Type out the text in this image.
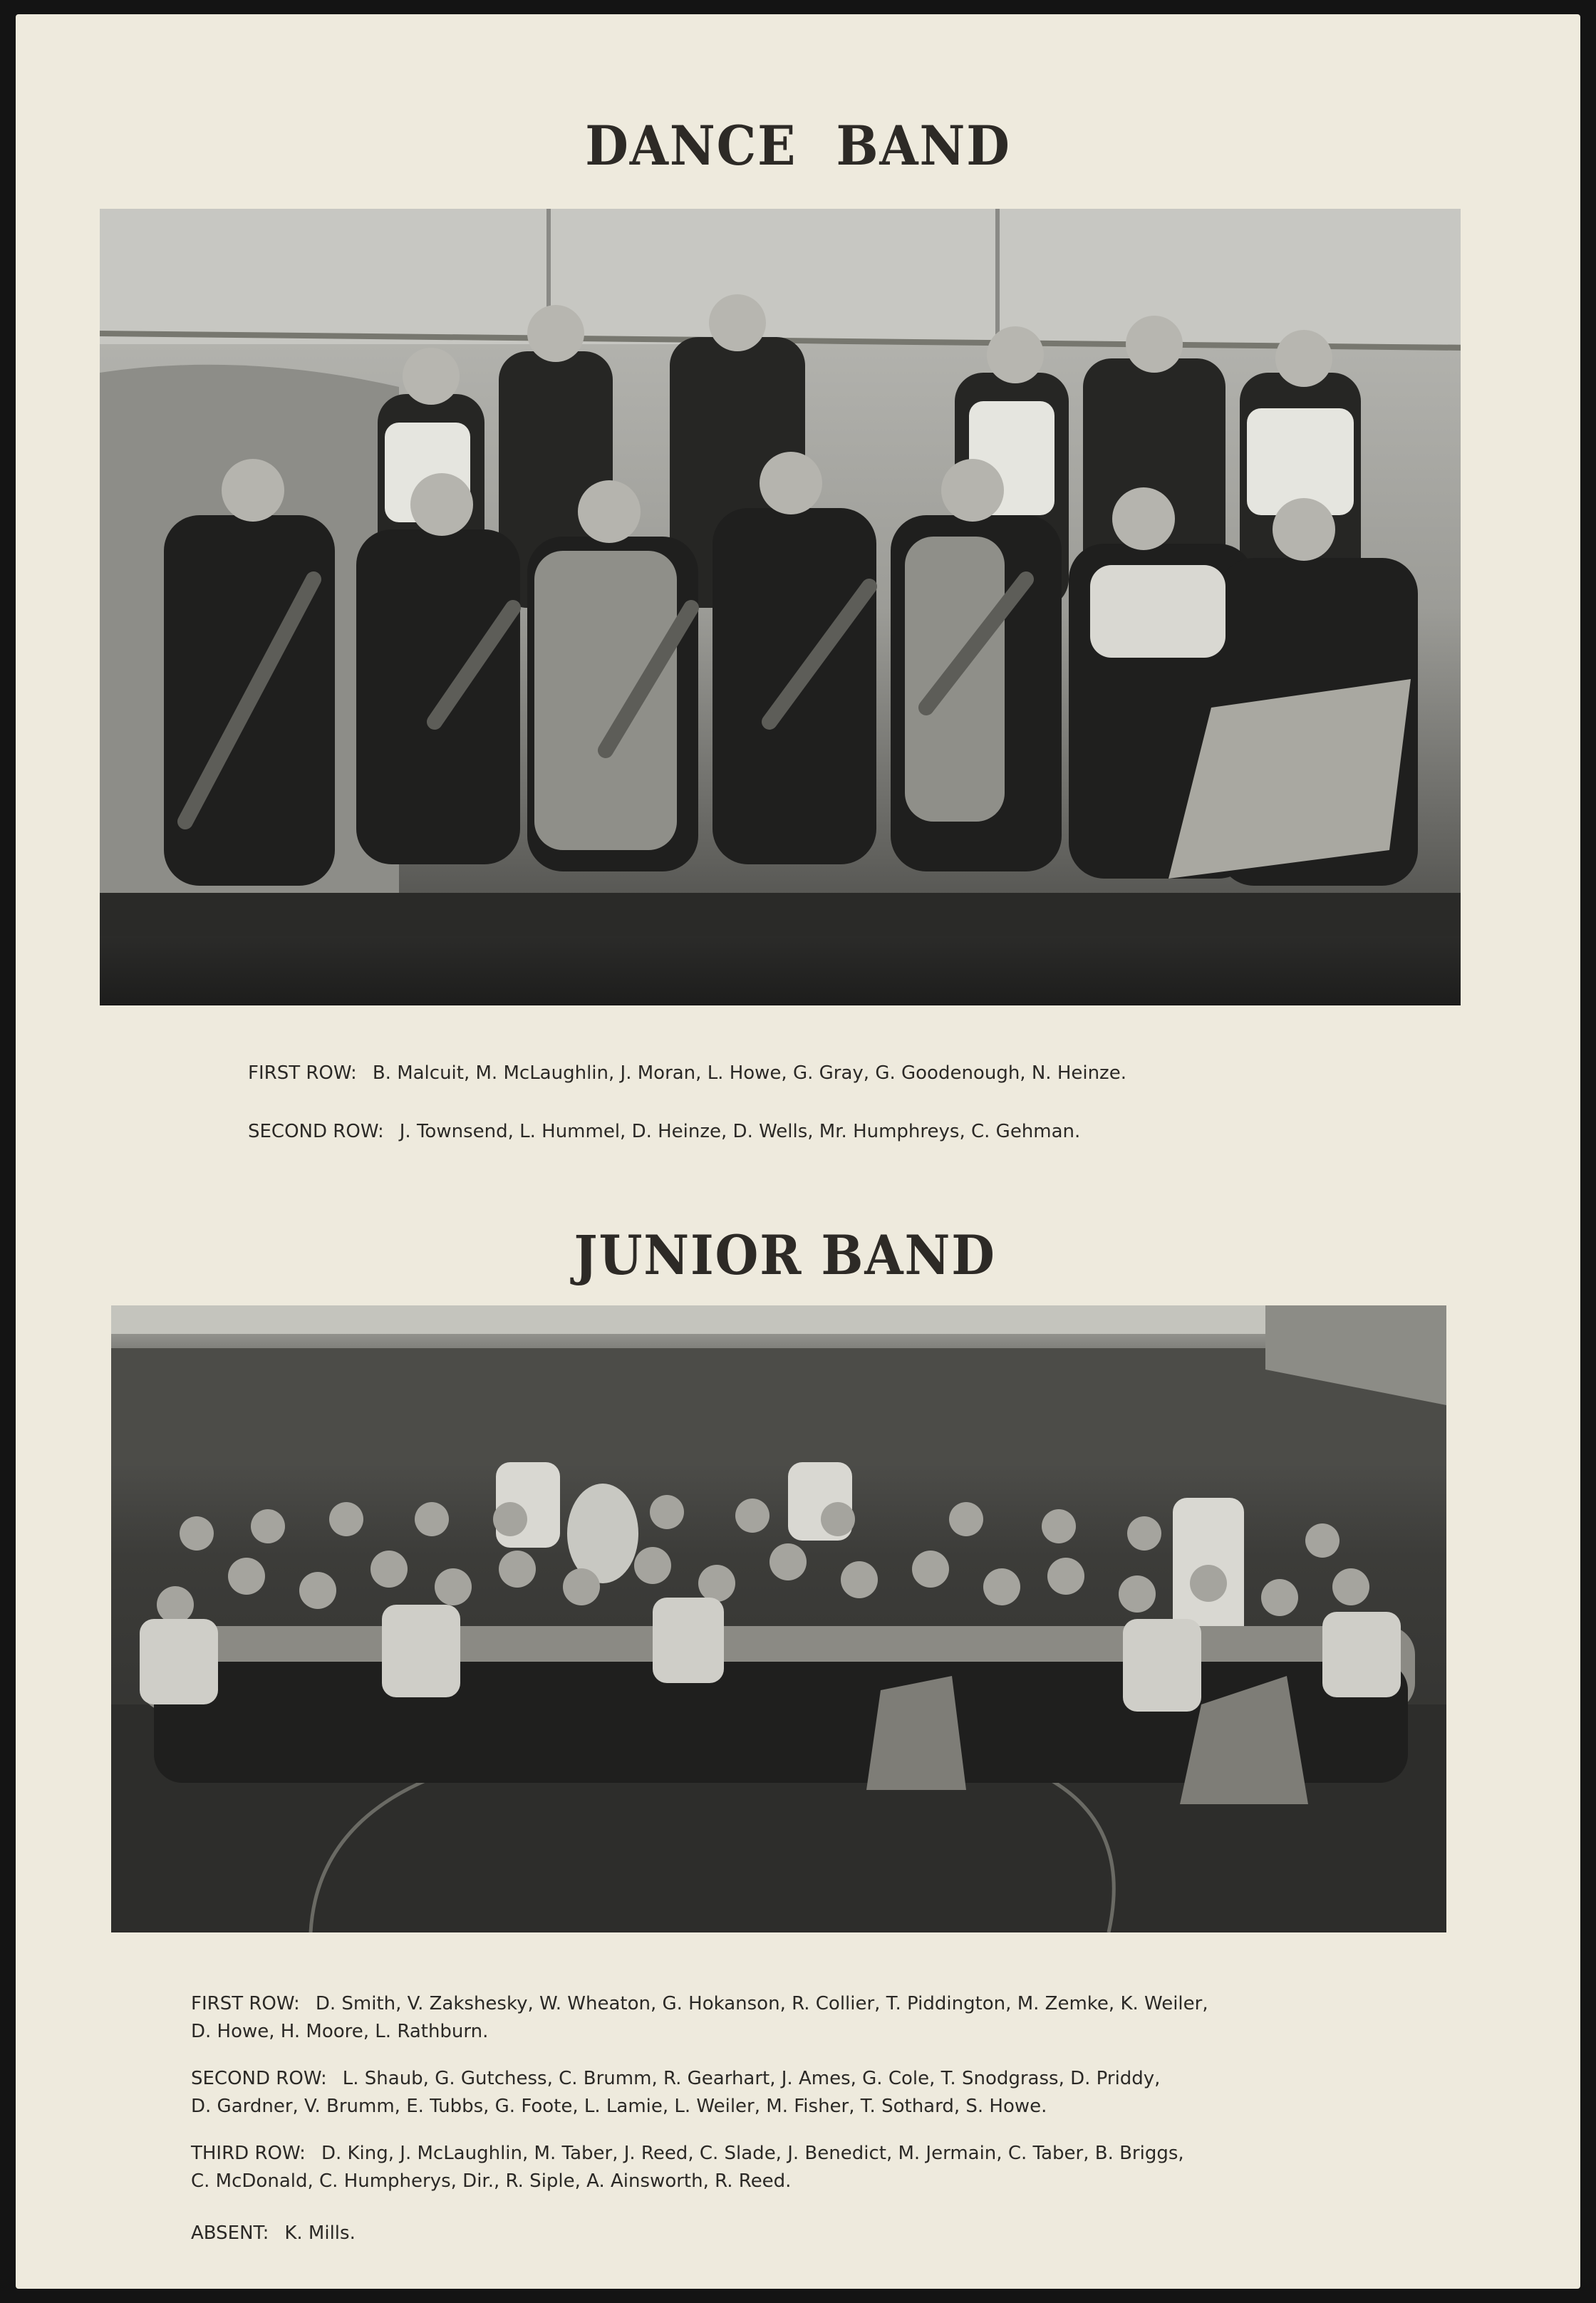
DANCE BAND
FIRST ROW: B. Malcuit, M. McLaughlin, J. Moran, L. Howe, G. Gray, G. Goodenough, N. Heinze.
SECOND ROW: J. Townsend, L. Hummel, D. Heinze, D. Wells, Mr. Humphreys, C. Gehman.
JUNIOR BAND
FIRST ROW: D. Smith, V. Zakshesky, W. Wheaton, G. Hokanson, R. Collier, T. Piddington, M. Zemke, K. Weiler,
D. Howe, H. Moore, L. Rathburn.
SECOND ROW: L. Shaub, G. Gutchess, C. Brumm, R. Gearhart, J. Ames, G. Cole, T. Snodgrass, D. Priddy,
D. Gardner, V. Brumm, E. Tubbs, G. Foote, L. Lamie, L. Weiler, M. Fisher, T. Sothard, S. Howe.
THIRD ROW: D. King, J. McLaughlin, M. Taber, J. Reed, C. Slade, J. Benedict, M. Jermain, C. Taber, B. Briggs,
C. McDonald, C. Humpherys, Dir., R. Siple, A. Ainsworth, R. Reed.
ABSENT: K. Mills.
